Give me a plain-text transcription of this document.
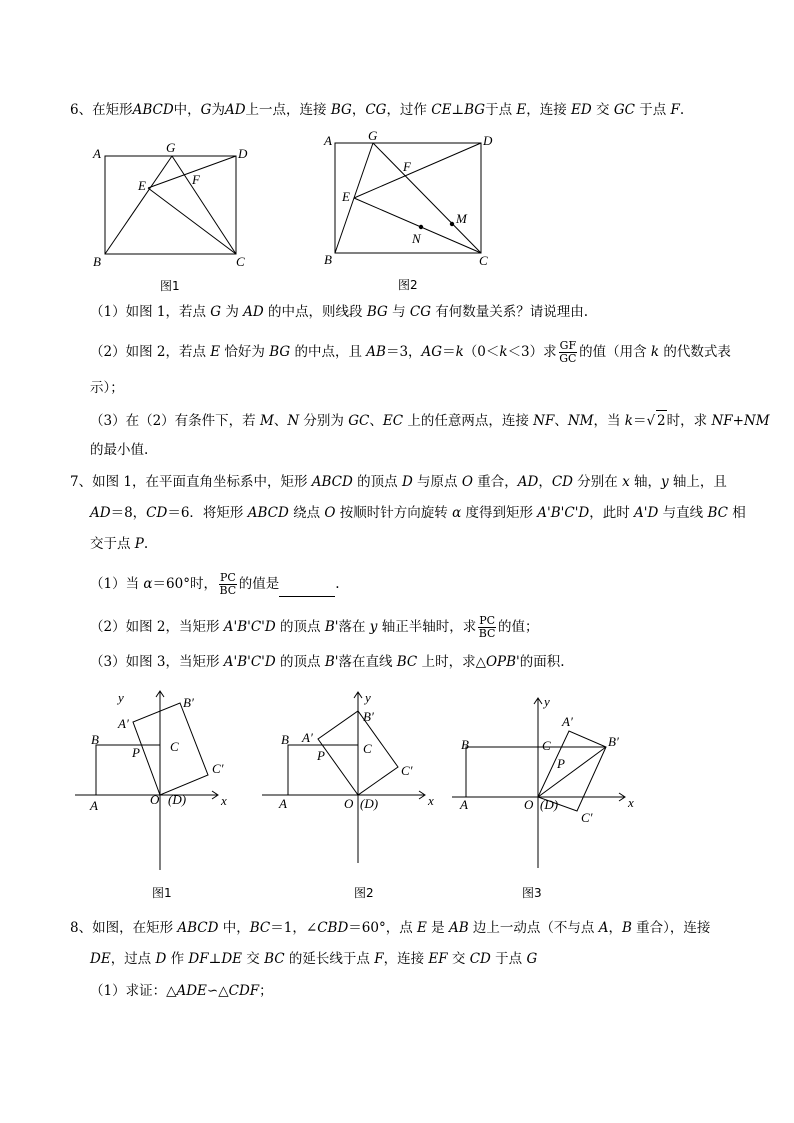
6、在矩形ABCD中，G为AD上一点，连接 BG，CG，过作 CE⊥BG于点 E，连接 ED 交 GC 于点 F.
A	G	D
E	F
B	C
图1
A	G	D
E
F
M
N
B	C
图2
（1）如图 1，若点 G 为 AD 的中点，则线段 BG 与 CG 有何数量关系？请说理由.
（2）如图 2，若点 E 恰好为 BG 的中点，且 AB＝3，AG＝k（0＜k＜3）求 $\frac{GF}{GC}$ 的值（用含 k 的代数式表
示）；
（3）在（2）有条件下，若 M、N 分别为 GC、EC 上的任意两点，连接 NF、NM，当 k＝√ 2时，求 NF+NM
的最小值.
7、如图 1，在平面直角坐标系中，矩形 ABCD 的顶点 D 与原点 O 重合，AD，CD 分别在 x 轴，y 轴上，且
AD＝8，CD＝6．将矩形 ABCD 绕点 O 按顺时针方向旋转 α 度得到矩形 A'B'C'D，此时 A'D 与直线 BC 相
交于点 P.
（1）当 α＝60°时， $\frac{PC}{BC}$ 的值是	.
（2）如图 2，当矩形 A'B'C'D 的顶点 B'落在 y 轴正半轴时，求 $\frac{PC}{BC}$ 的值；
（3）如图 3，当矩形 A'B'C'D 的顶点 B'落在直线 BC 上时，求△OPB'的面积.
y	B′
A′
B	C
P
C′
A	O (D)	x
图1
y
B′
A′
B
C
P
C′
A	O (D)	x
图2
y
A′
B	C	B′
P
A	O (D)
C′
x
图3
8、如图，在矩形 ABCD 中，BC＝1，∠CBD＝60°，点 E 是 AB 边上一动点（不与点 A，B 重合），连接
DE，过点 D 作 DF⊥DE 交 BC 的延长线于点 F，连接 EF 交 CD 于点 G
（1）求证：△ADE∽△CDF；
